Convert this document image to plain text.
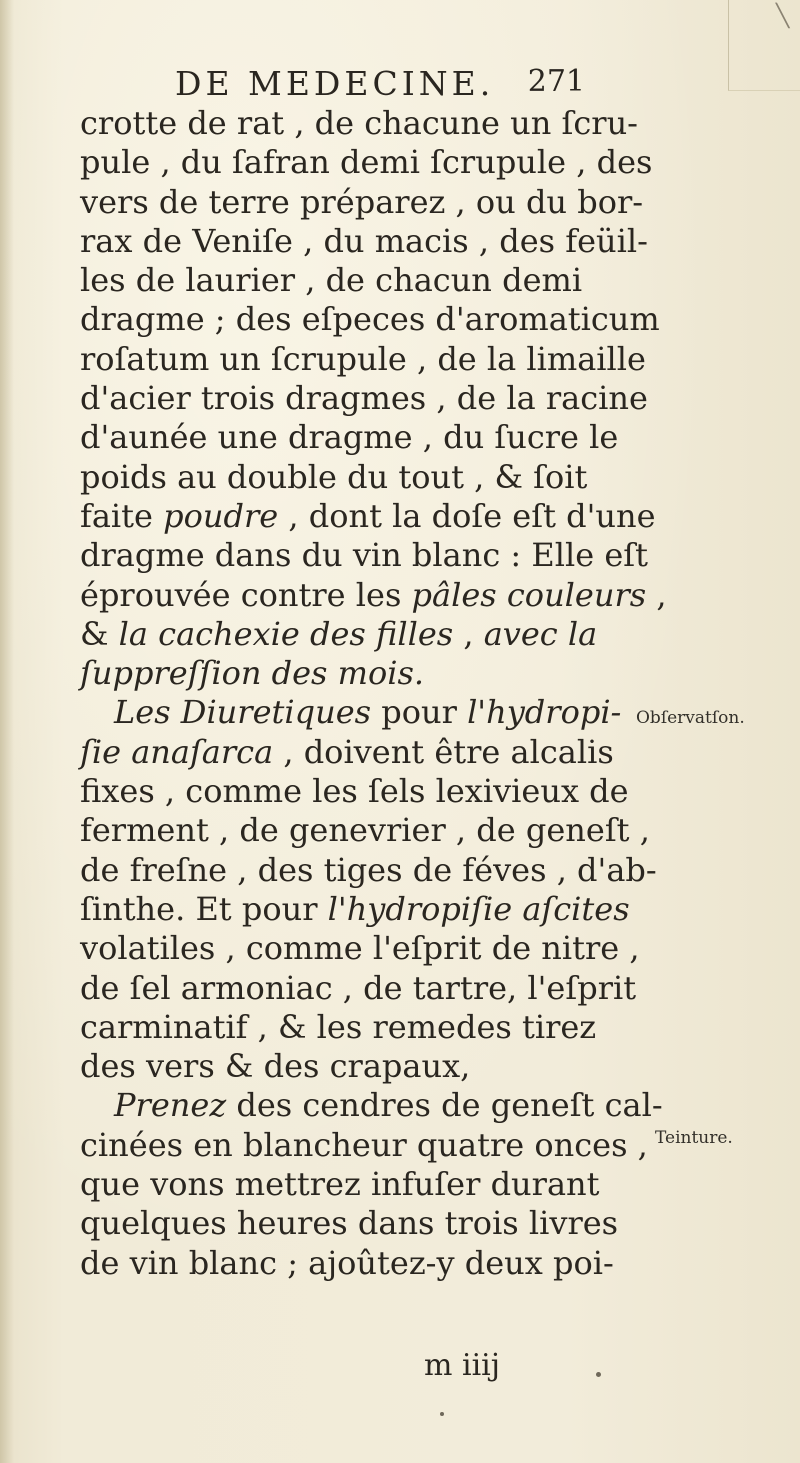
╲
DE MEDECINE. 271
crotte de rat , de chacune un ſcru-
pule , du ſafran demi ſcrupule , des
vers de terre préparez , ou du bor-
rax de Veniſe , du macis , des feüil-
les de laurier , de chacun demi
dragme ; des eſpeces d'aromaticum
roſatum un ſcrupule , de la limaille
d'acier trois dragmes , de la racine
d'aunée une dragme , du ſucre le
poids au double du tout , & ſoit
faite poudre , dont la doſe eſt d'une
dragme dans du vin blanc : Elle eſt
éprouvée contre les pâles couleurs ,
& la cachexie des filles , avec la
ſuppreſſion des mois.
Les Diuretiques pour l'hydropi-
ſie anaſarca , doivent être alcalis
fixes , comme les ſels lexivieux de
ferment , de genevrier , de geneſt ,
de freſne , des tiges de féves , d'ab-
ſinthe. Et pour l'hydropiſie aſcites
volatiles , comme l'eſprit de nitre ,
de ſel armoniac , de tartre, l'eſprit
carminatif , & les remedes tirez
des vers & des crapaux,
Prenez des cendres de geneſt cal-
cinées en blancheur quatre onces ,
que vons mettrez infuſer durant
quelques heures dans trois livres
de vin blanc ; ajoûtez-y deux poi-
Obſervatſon.
Teinture.
m iiij
